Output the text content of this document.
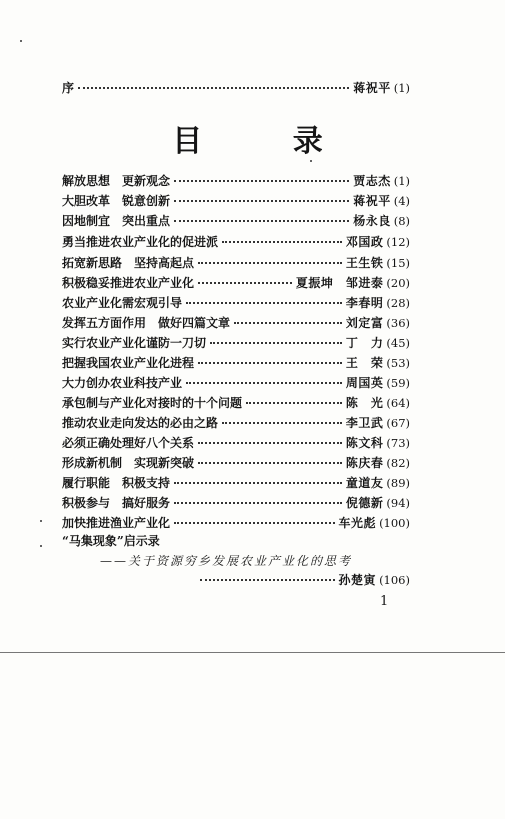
序	蒋祝平 (1)
目 录
解放思想　更新观念	贾志杰 (1)
大胆改革　锐意创新	蒋祝平 (4)
因地制宜　突出重点	杨永良 (8)
勇当推进农业产业化的促进派	邓国政 (12)
拓宽新思路　坚持高起点	王生铁 (15)
积极稳妥推进农业产业化	夏振坤　邹进泰 (20)
农业产业化需宏观引导	李春明 (28)
发挥五方面作用　做好四篇文章	刘定富 (36)
实行农业产业化谨防一刀切	丁　力 (45)
把握我国农业产业化进程	王　荣 (53)
大力创办农业科技产业	周国英 (59)
承包制与产业化对接时的十个问题	陈　光 (64)
推动农业走向发达的必由之路	李卫武 (67)
必须正确处理好八个关系	陈文科 (73)
形成新机制　实现新突破	陈庆春 (82)
履行职能　积极支持	童道友 (89)
积极参与　搞好服务	倪德新 (94)
加快推进渔业产业化	车光彪 (100)
“马集现象”启示录
——关于资源穷乡发展农业产业化的思考
孙楚寅 (106)
1
